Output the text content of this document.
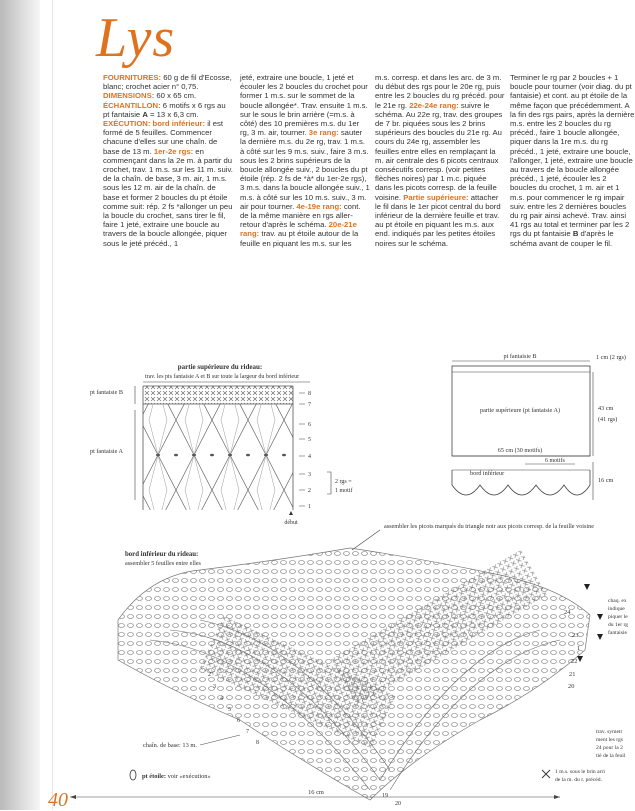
Lys

FOURNITURES: 60 g de fil d'Ecosse, blanc; crochet acier n° 0,75.

DIMENSIONS: 60 x 65 cm.

ÉCHANTILLON: 6 motifs x 6 rgs au pt fantaisie A = 13 x 6,3 cm.

EXÉCUTION: bord inférieur: il est formé de 5 feuilles. Commencer chacune d'elles sur une chaîn. de base de 13 m. 1er-2e rgs: en commençant dans la 2e m. à partir du crochet, trav. 1 m.s. sur les 11 m. suiv. de la chaîn. de base, 3 m. air, 1 m.s. sous les 12 m. air de la chaîn. de base et former 2 boucles du pt étoile comme suit: rép. 2 fs *allonger un peu la boucle du crochet, sans tirer le fil, faire 1 jeté, extraire une boucle au travers de la boucle allongée, piquer sous le jeté précéd., 1

jeté, extraire une boucle, 1 jeté et écouler les 2 boucles du crochet pour former 1 m.s. sur le sommet de la boucle allongée*. Trav. ensuite 1 m.s. sur le sous le brin arrière (=m.s. à côté) des 10 premières m.s. du 1er rg, 3 m. air, tourner. 3e rang: sauter la dernière m.s. du 2e rg, trav. 1 m.s. à côté sur les 9 m.s. suiv., faire 3 m.s. sous les 2 brins supérieurs de la boucle allongée suiv., 2 boucles du pt étoile (rép. 2 fs de *à* du 1er-2e rgs), 3 m.s. dans la boucle allongée suiv., 1 m.s. à côté sur les 10 m.s. suiv., 3 m. air pour tourner. 4e-19e rang: cont. de la même manière en rgs aller-retour d'après le schéma. 20e-21e rang: trav. au pt étoile autour de la feuille en piquant les m.s. sur les

m.s. corresp. et dans les arc. de 3 m. du début des rgs pour le 20e rg, puis entre les 2 boucles du rg précéd. pour le 21e rg. 22e-24e rang: suivre le schéma. Au 22e rg, trav. des groupes de 7 br. piquées sous les 2 brins supérieurs des boucles du 21e rg. Au cours du 24e rg, assembler les feuilles entre elles en remplaçant la m. air centrale des 6 picots centraux consécutifs corresp. (voir petites flèches noires) par 1 m.c. piquée dans les picots corresp. de la feuille voisine. Partie supérieure: attacher le fil dans le 1er picot central du bord inférieur de la dernière feuille et trav. au pt étoile en piquant les m.s. aux end. indiqués par les petites étoiles noires sur le schéma.

Terminer le rg par 2 boucles + 1 boucle pour tourner (voir diag. du pt fantaisie) et cont. au pt étoile de la même façon que précédemment. A la fin des rgs pairs, après la dernière m.s. entre les 2 boucles du rg précéd., faire 1 boucle allongée, piquer dans la 1re m.s. du rg précéd., 1 jeté, extraire une boucle, l'allonger, 1 jeté, extraire une boucle au travers de la boucle allongée précéd., 1 jeté, écouler les 2 boucles du crochet, 1 m. air et 1 m.s. pour commencer le rg impair suiv. entre les 2 dernières boucles du rg pair ainsi achevé. Trav. ainsi 41 rgs au total et terminer par les 2 rgs du pt fantaisie B d'après le schéma avant de couper le fil.

partie supérieure du rideau:
trav. les pts fantaisie A et B sur toute la largeur du bord inférieur
pt fantaisie B
pt fantaisie A
8
7
6
5
4
3
2
1
2 rgs =
1 motif
début
pt fantaisie B	1 cm (2 rgs)
partie supérieure (pt fantaisie A)	43 cm
(41 rgs)
65 cm (30 motifs)
6 motifs
bord inférieur
16 cm
assembler les picots marqués du triangle noir aux picots corresp. de la feuille voisine
bord inférieur du rideau:
assembler 5 feuilles entre elles
24
23
22
21
20
1
2
3
4
5
6
7
8
19
20
chaîn. de base: 13 m.
chaq. ex
indique
piquer le
du 1er rg
fantaisie
trav. symetr
ment les rgs
24 pour la 2
tié de la feuil
16 cm
pt étoile: voir «exécution»
1 m.s. sous le brin arri
de la m. du r. précéd.
40
